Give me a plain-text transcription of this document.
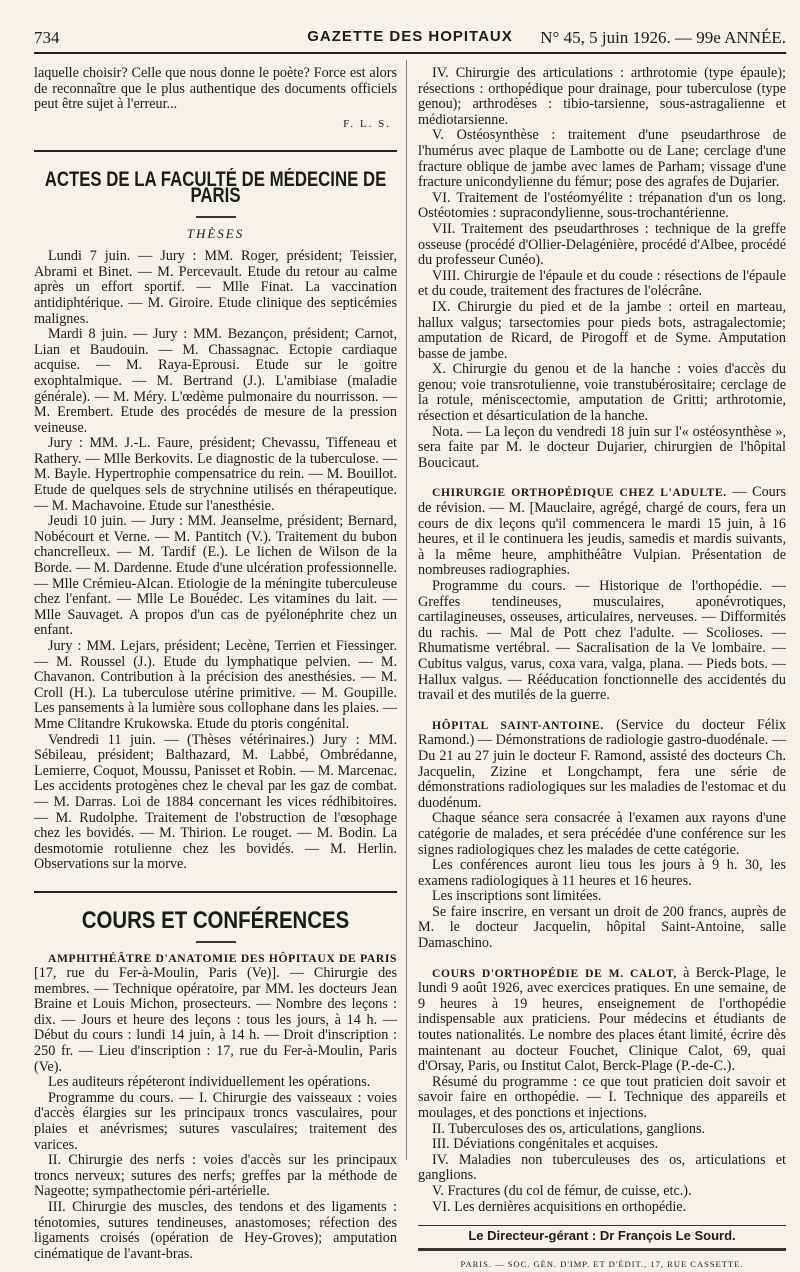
734	GAZETTE DES HOPITAUX	N° 45, 5 juin 1926. — 99e ANNÉE.

laquelle choisir? Celle que nous donne le poète? Force est alors de reconnaître que le plus authentique des documents officiels peut être sujet à l'erreur...

F. L. S.
ACTES DE LA FACULTÉ DE MÉDECINE DE PARIS
THÈSES

Lundi 7 juin. — Jury : MM. Roger, président; Teissier, Abrami et Binet. — M. Percevault. Etude du retour au calme après un effort sportif. — Mlle Finat. La vaccination antidiphtérique. — M. Giroire. Etude clinique des septicémies malignes.

Mardi 8 juin. — Jury : MM. Bezançon, président; Carnot, Lian et Baudouin. — M. Chassagnac. Ectopie cardiaque acquise. — M. Raya-Eprousi. Etude sur le goitre exophtalmique. — M. Bertrand (J.). L'amibiase (maladie générale). — M. Méry. L'œdème pulmonaire du nourrisson. — M. Erembert. Etude des procédés de mesure de la pression veineuse.

Jury : MM. J.-L. Faure, président; Chevassu, Tiffeneau et Rathery. — Mlle Berkovits. Le diagnostic de la tuberculose. — M. Bayle. Hypertrophie compensatrice du rein. — M. Bouillot. Etude de quelques sels de strychnine utilisés en thérapeutique. — M. Machavoine. Etude sur l'anesthésie.

Jeudi 10 juin. — Jury : MM. Jeanselme, président; Bernard, Nobécourt et Verne. — M. Pantitch (V.). Traitement du bubon chancrelleux. — M. Tardif (E.). Le lichen de Wilson de la Borde. — M. Dardenne. Etude d'une ulcération professionnelle. — Mlle Crémieu-Alcan. Etiologie de la méningite tuberculeuse chez l'enfant. — Mlle Le Bouédec. Les vitamines du lait. — Mlle Sauvaget. A propos d'un cas de pyélonéphrite chez un enfant.

Jury : MM. Lejars, président; Lecène, Terrien et Fiessinger. — M. Roussel (J.). Etude du lymphatique pelvien. — M. Chavanon. Contribution à la précision des anesthésies. — M. Croll (H.). La tuberculose utérine primitive. — M. Goupille. Les pansements à la lumière sous collophane dans les plaies. — Mme Clitandre Krukowska. Etude du ptoris congénital.

Vendredi 11 juin. — (Thèses vétérinaires.) Jury : MM. Sébileau, président; Balthazard, M. Labbé, Ombrédanne, Lemierre, Coquot, Moussu, Panisset et Robin. — M. Marcenac. Les accidents protogènes chez le cheval par les gaz de combat. — M. Darras. Loi de 1884 concernant les vices rédhibitoires. — M. Rudolphe. Traitement de l'obstruction de l'œsophage chez les bovidés. — M. Thirion. Le rouget. — M. Bodin. La desmotomie rotulienne chez les bovidés. — M. Herlin. Observations sur la morve.

COURS ET CONFÉRENCES

AMPHITHÉÂTRE D'ANATOMIE DES HÔPITAUX DE PARIS [17, rue du Fer-à-Moulin, Paris (Ve)]. — Chirurgie des membres. — Technique opératoire, par MM. les docteurs Jean Braine et Louis Michon, prosecteurs. — Nombre des leçons : dix. — Jours et heure des leçons : tous les jours, à 14 h. — Début du cours : lundi 14 juin, à 14 h. — Droit d'inscription : 250 fr. — Lieu d'inscription : 17, rue du Fer-à-Moulin, Paris (Ve).

Les auditeurs répéteront individuellement les opérations.

Programme du cours. — I. Chirurgie des vaisseaux : voies d'accès élargies sur les principaux troncs vasculaires, pour plaies et anévrismes; sutures vasculaires; traitement des varices.

II. Chirurgie des nerfs : voies d'accès sur les principaux troncs nerveux; sutures des nerfs; greffes par la méthode de Nageotte; sympathectomie péri-artérielle.

III. Chirurgie des muscles, des tendons et des ligaments : ténotomies, sutures tendineuses, anastomoses; réfection des ligaments croisés (opération de Hey-Groves); amputation cinématique de l'avant-bras.

IV. Chirurgie des articulations : arthrotomie (type épaule); résections : orthopédique pour drainage, pour tuberculose (type genou); arthrodèses : tibio-tarsienne, sous-astragalienne et médiotarsienne.

V. Ostéosynthèse : traitement d'une pseudarthrose de l'humérus avec plaque de Lambotte ou de Lane; cerclage d'une fracture oblique de jambe avec lames de Parham; vissage d'une fracture unicondylienne du fémur; pose des agrafes de Dujarier.

VI. Traitement de l'ostéomyélite : trépanation d'un os long. Ostéotomies : supracondylienne, sous-trochantérienne.

VII. Traitement des pseudarthroses : technique de la greffe osseuse (procédé d'Ollier-Delagénière, procédé d'Albee, procédé du professeur Cunéo).

VIII. Chirurgie de l'épaule et du coude : résections de l'épaule et du coude, traitement des fractures de l'olécrâne.

IX. Chirurgie du pied et de la jambe : orteil en marteau, hallux valgus; tarsectomies pour pieds bots, astragalectomie; amputation de Ricard, de Pirogoff et de Syme. Amputation basse de jambe.

X. Chirurgie du genou et de la hanche : voies d'accès du genou; voie transrotulienne, voie transtubérositaire; cerclage de la rotule, méniscectomie, amputation de Gritti; arthrotomie, résection et désarticulation de la hanche.

Nota. — La leçon du vendredi 18 juin sur l'« ostéosynthèse », sera faite par M. le docteur Dujarier, chirurgien de l'hôpital Boucicaut.

CHIRURGIE ORTHOPÉDIQUE CHEZ L'ADULTE. — Cours de révision. — M. [Mauclaire, agrégé, chargé de cours, fera un cours de dix leçons qu'il commencera le mardi 15 juin, à 16 heures, et il le continuera les jeudis, samedis et mardis suivants, à la même heure, amphithéâtre Vulpian. Présentation de nombreuses radiographies.

Programme du cours. — Historique de l'orthopédie. — Greffes tendineuses, musculaires, aponévrotiques, cartilagineuses, osseuses, articulaires, nerveuses. — Difformités du rachis. — Mal de Pott chez l'adulte. — Scolioses. — Rhumatisme vertébral. — Sacralisation de la Ve lombaire. — Cubitus valgus, varus, coxa vara, valga, plana. — Pieds bots. — Hallux valgus. — Rééducation fonctionnelle des accidentés du travail et des mutilés de la guerre.

HÔPITAL SAINT-ANTOINE. (Service du docteur Félix Ramond.) — Démonstrations de radiologie gastro-duodénale. — Du 21 au 27 juin le docteur F. Ramond, assisté des docteurs Ch. Jacquelin, Zizine et Longchampt, fera une série de démonstrations radiologiques sur les maladies de l'estomac et du duodénum.

Chaque séance sera consacrée à l'examen aux rayons d'une catégorie de malades, et sera précédée d'une conférence sur les signes radiologiques chez les malades de cette catégorie.

Les conférences auront lieu tous les jours à 9 h. 30, les examens radiologiques à 11 heures et 16 heures.

Les inscriptions sont limitées.

Se faire inscrire, en versant un droit de 200 francs, auprès de M. le docteur Jacquelin, hôpital Saint-Antoine, salle Damaschino.

COURS D'ORTHOPÉDIE DE M. CALOT, à Berck-Plage, le lundi 9 août 1926, avec exercices pratiques. En une semaine, de 9 heures à 19 heures, enseignement de l'orthopédie indispensable aux praticiens. Pour médecins et étudiants de toutes nationalités. Le nombre des places étant limité, écrire dès maintenant au docteur Fouchet, Clinique Calot, 69, quai d'Orsay, Paris, ou Institut Calot, Berck-Plage (P.-de-C.).

Résumé du programme : ce que tout praticien doit savoir et savoir faire en orthopédie. — I. Technique des appareils et moulages, et des ponctions et injections.

II. Tuberculoses des os, articulations, ganglions.

III. Déviations congénitales et acquises.

IV. Maladies non tuberculeuses des os, articulations et ganglions.

V. Fractures (du col de fémur, de cuisse, etc.).

VI. Les dernières acquisitions en orthopédie.

Le Directeur-gérant : Dr François Le Sourd.
PARIS. — SOC. GÉN. D'IMP. ET D'ÉDIT., 17, RUE CASSETTE.
